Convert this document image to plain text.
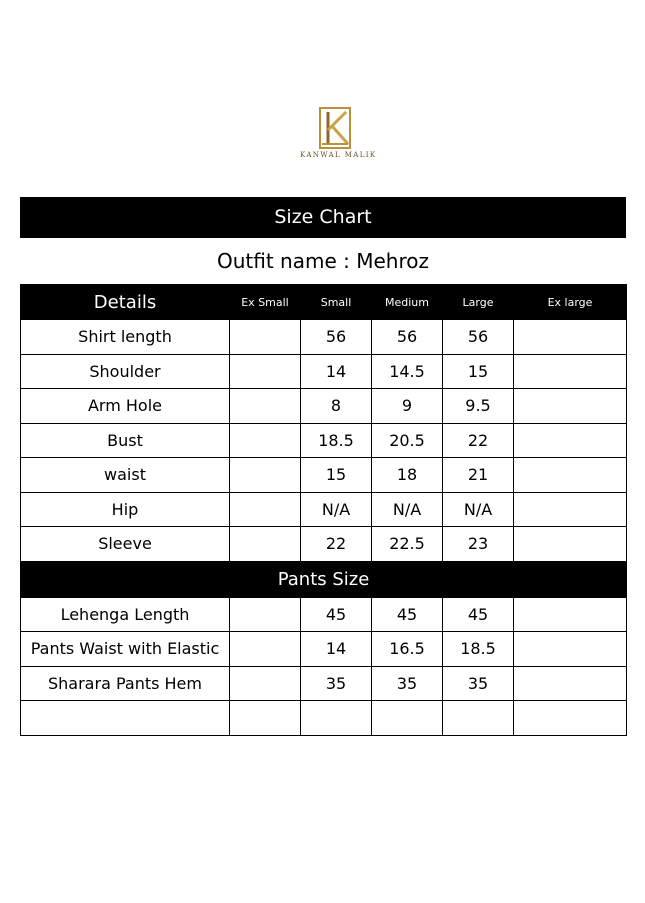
KANWAL MALIK
Size Chart
Outfit name : Mehroz
Details	Ex Small	Small	Medium	Large	Ex large
Shirt length		56	56	56	
Shoulder		14	14.5	15	
Arm Hole		8	9	9.5	
Bust		18.5	20.5	22	
waist		15	18	21	
Hip		N/A	N/A	N/A	
Sleeve		22	22.5	23	
Pants Size					
Lehenga Length		45	45	45	
Pants Waist with Elastic		14	16.5	18.5	
Sharara Pants Hem		35	35	35	
